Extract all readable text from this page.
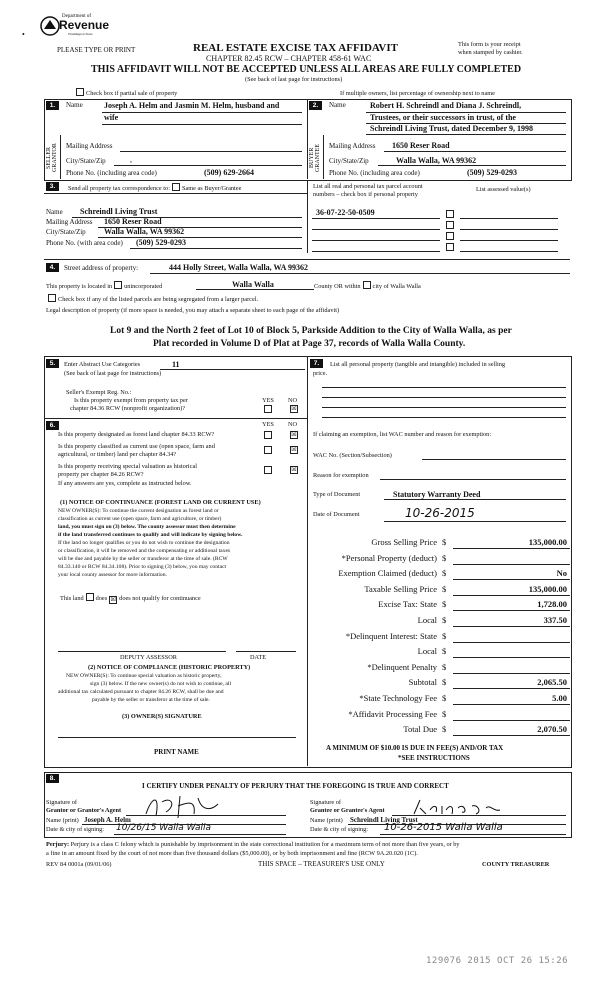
•
Department of
Revenue
Washington State
PLEASE TYPE OR PRINT	REAL ESTATE EXCISE TAX AFFIDAVIT
CHAPTER 82.45 RCW – CHAPTER 458-61 WAC
This form is your receipt
when stamped by cashier.
THIS AFFIDAVIT WILL NOT BE ACCEPTED UNLESS ALL AREAS ARE FULLY COMPLETED
(See back of last page for instructions)
Check box if partial sale of property	If multiple owners, list percentage of ownership next to name
1.	Name	Joseph A. Helm and Jasmin M. Helm, husband and
wife
SELLER GRANTOR Mailing Address
City/State/Zip	,
Phone No. (including area code)	(509) 629-2664
2.	Name	Robert H. Schreindl and Diana J. Schreindl,
Trustees, or their successors in trust, of the
Schreindl Living Trust, dated December 9, 1998
BUYER GRANTEE Mailing Address 1650 Reser Road
City/State/Zip	Walla Walla, WA 99362
Phone No. (including area code)	(509) 529-0293
3.	Send all property tax correspondence to: Same as Buyer/Grantee	List all real and personal tax parcel account
numbers – check box if personal property
List assessed value(s)
Name Schreindl Living Trust
Mailing Address 1650 Reser Road
City/State/Zip Walla Walla, WA 99362
Phone No. (with area code) (509) 529-0293
36-07-22-50-0509
4.	Street address of property:	444 Holly Street, Walla Walla, WA 99362
This property is located in unincorporated	Walla Walla	County OR within city of Walla Walla
Check box if any of the listed parcels are being segregated from a larger parcel.
Legal description of property (if more space is needed, you may attach a separate sheet to each page of the affidavit)
Lot 9 and the North 2 feet of Lot 10 of Block 5, Parkside Addition to the City of Walla Walla, as per
Plat recorded in Volume D of Plat at Page 37, records of Walla Walla County.
5.	Enter Abstract Use Categories	11
(See back of last page for instructions)
Seller's Exempt Reg. No.:
YES NO
Is this property exempt from property tax per
chapter 84.36 RCW (nonprofit organization)?	☒
6.	YES NO
Is this property designated as forest land chapter 84.33 RCW?	☒
Is this property classified as current use (open space, farm and
agricultural, or timber) land per chapter 84.34?
☒
Is this property receiving special valuation as historical
property per chapter 84.26 RCW?
☒
If any answers are yes, complete as instructed below.
(1) NOTICE OF CONTINUANCE (FOREST LAND OR CURRENT USE)
NEW OWNER(S): To continue the current designation as forest land or
classification as current use (open space, farm and agriculture, or timber)
land, you must sign on (3) below. The county assessor must then determine
if the land transferred continues to qualify and will indicate by signing below.
If the land no longer qualifies or you do not wish to continue the designation
or classification, it will be removed and the compensating or additional taxes
will be due and payable by the seller or transferor at the time of sale. (RCW
84.33.140 or RCW 84.34.108). Prior to signing (3) below, you may contact
your local county assessor for more information.
This land does ☒ does not qualify for continuance
DEPUTY ASSESSOR	DATE
(2) NOTICE OF COMPLIANCE (HISTORIC PROPERTY)
NEW OWNER(S): To continue special valuation as historic property,
sign (3) below. If the new owner(s) do not wish to continue, all
additional tax calculated pursuant to chapter 84.26 RCW, shall be due and
payable by the seller or transferor at the time of sale.
(3) OWNER(S) SIGNATURE
PRINT NAME
7.	List all personal property (tangible and intangible) included in selling
price.
If claiming an exemption, list WAC number and reason for exemption:
WAC No. (Section/Subsection)
Reason for exemption
Type of Document	Statutory Warranty Deed
Date of Document	10-26-2015
Gross Selling Price $	135,000.00
*Personal Property (deduct) $
Exemption Claimed (deduct) $	No
Taxable Selling Price $	135,000.00
Excise Tax: State $	1,728.00
Local $	337.50
*Delinquent Interest: State $
Local $
*Delinquent Penalty $
Subtotal $	2,065.50
*State Technology Fee $	5.00
*Affidavit Processing Fee $
Total Due $	2,070.50
A MINIMUM OF $10.00 IS DUE IN FEE(S) AND/OR TAX
*SEE INSTRUCTIONS
8.
I CERTIFY UNDER PENALTY OF PERJURY THAT THE FOREGOING IS TRUE AND CORRECT
Signature of
Grantor or Grantor's Agent
Name (print) Joseph A. Helm
Date & city of signing: 10/26/15 Walla Walla
Signature of
Grantee or Grantee's Agent
Name (print) Schreindl Living Trust
Date & city of signing: 10-26-2015 Walla Walla
Perjury: Perjury is a class C felony which is punishable by imprisonment in the state correctional institution for a maximum term of not more than five years, or by
a fine in an amount fixed by the court of not more than five thousand dollars ($5,000.00), or by both imprisonment and fine (RCW 9A.20.020 (1C).
REV 84 0001a (09/01/06)	THIS SPACE – TREASURER'S USE ONLY	COUNTY TREASURER
129076 2015 OCT 26 15:26
